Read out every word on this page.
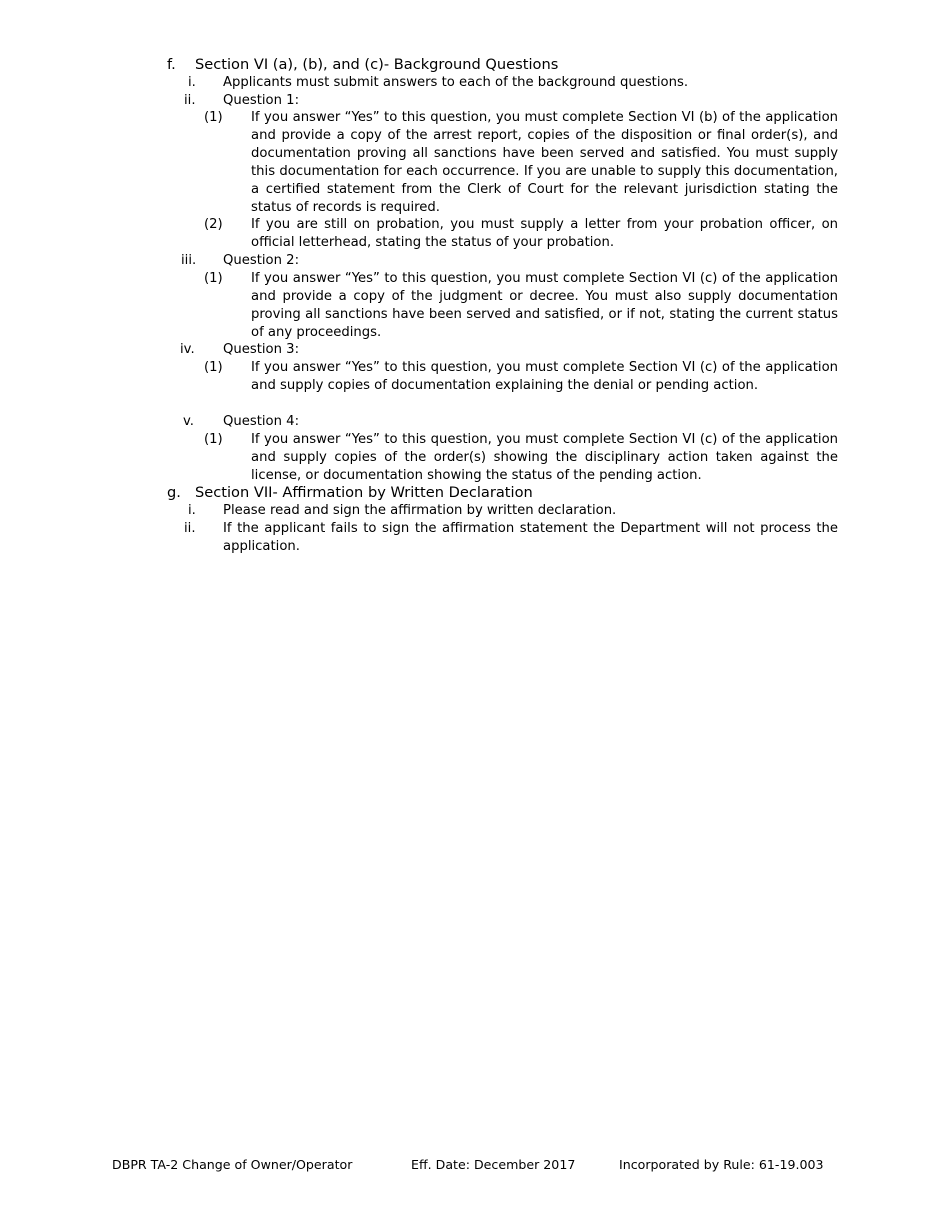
f. Section VI (a), (b), and (c)- Background Questions
i. Applicants must submit answers to each of the background questions.
ii. Question 1:
(1) If you answer “Yes” to this question, you must complete Section VI (b) of the application and provide a copy of the arrest report, copies of the disposition or final order(s), and documentation proving all sanctions have been served and satisfied. You must supply this documentation for each occurrence. If you are unable to supply this documentation, a certified statement from the Clerk of Court for the relevant jurisdiction stating the status of records is required.
(2) If you are still on probation, you must supply a letter from your probation officer, on official letterhead, stating the status of your probation.
iii. Question 2:
(1) If you answer “Yes” to this question, you must complete Section VI (c) of the application and provide a copy of the judgment or decree. You must also supply documentation proving all sanctions have been served and satisfied, or if not, stating the current status of any proceedings.
iv. Question 3:
(1) If you answer “Yes” to this question, you must complete Section VI (c) of the application and supply copies of documentation explaining the denial or pending action.
v. Question 4:
(1) If you answer “Yes” to this question, you must complete Section VI (c) of the application and supply copies of the order(s) showing the disciplinary action taken against the license, or documentation showing the status of the pending action.
g. Section VII- Affirmation by Written Declaration
i. Please read and sign the affirmation by written declaration.
ii. If the applicant fails to sign the affirmation statement the Department will not process the application.
DBPR TA-2 Change of Owner/Operator	Eff. Date: December 2017	Incorporated by Rule: 61-19.003
